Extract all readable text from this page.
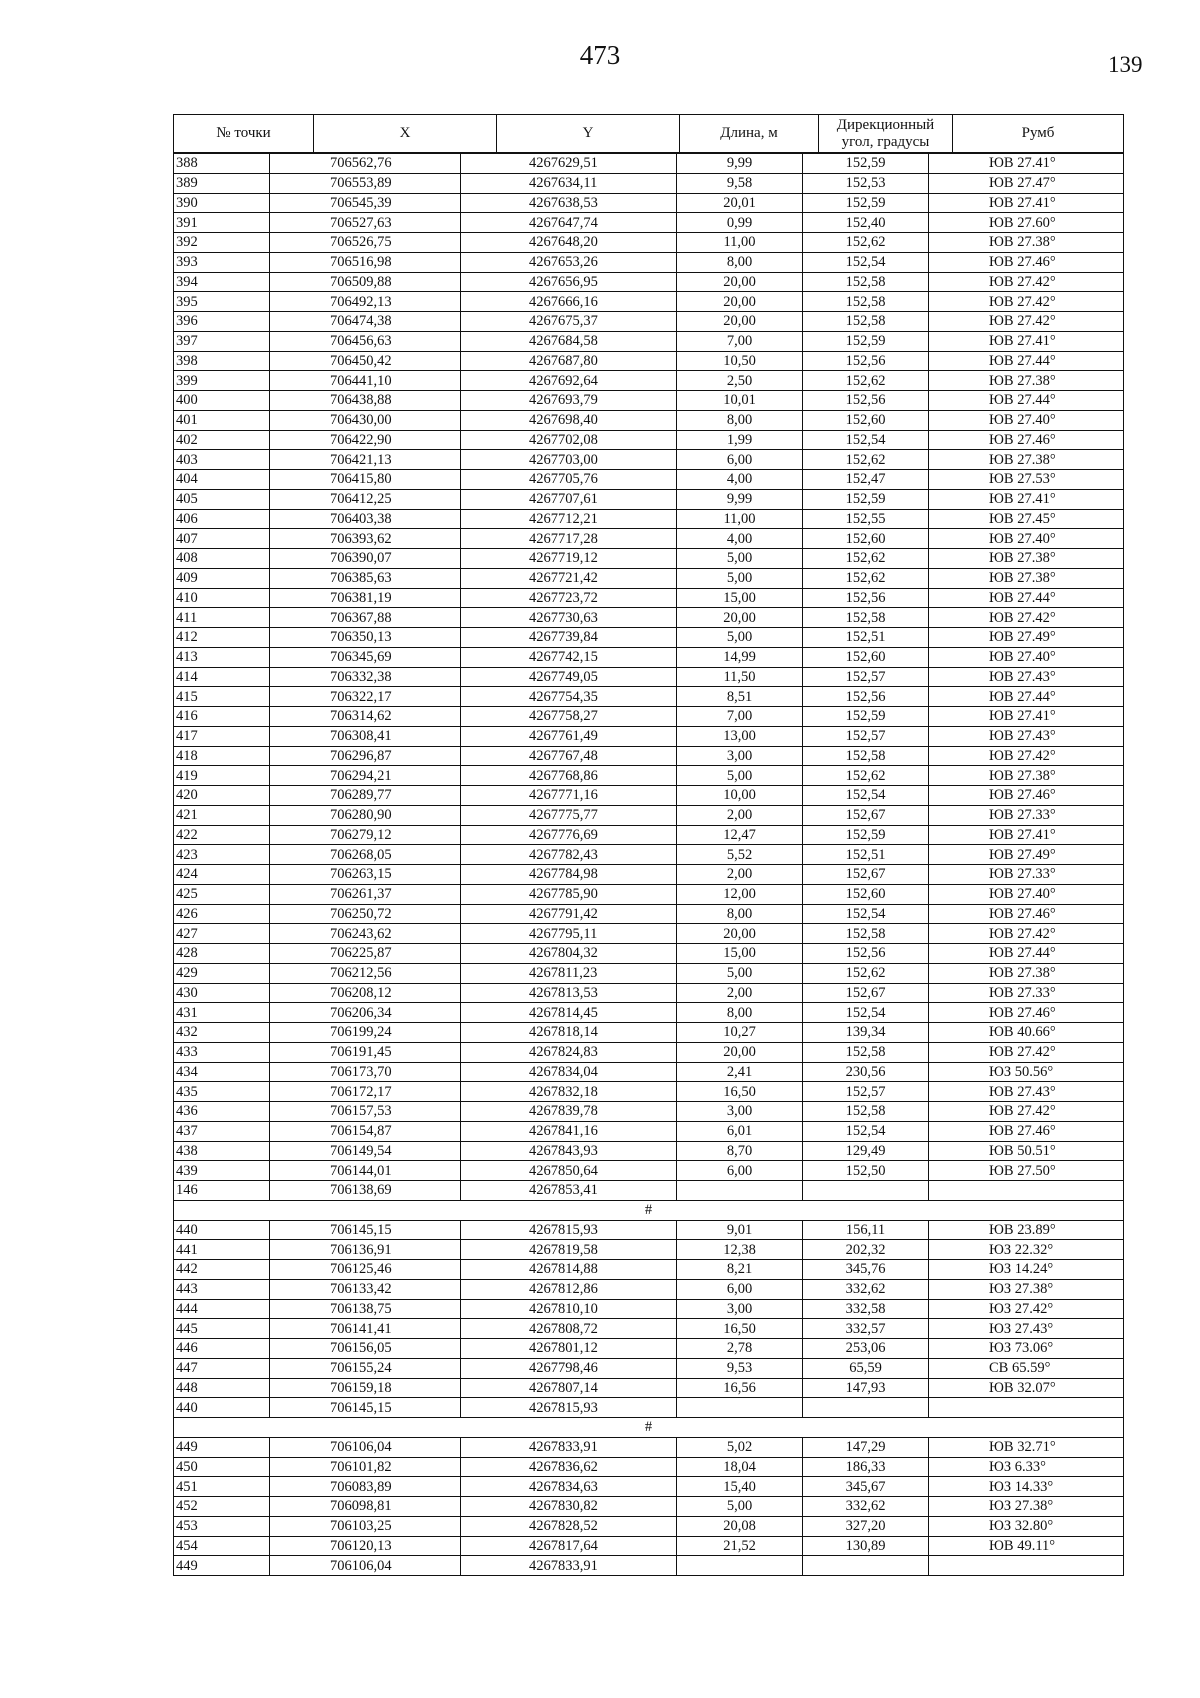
473	139
№ точки	X	Y	Длина, м	Дирекционный угол, градусы	Румб
388	706562,76	4267629,51	9,99	152,59	ЮВ 27.41°
389	706553,89	4267634,11	9,58	152,53	ЮВ 27.47°
390	706545,39	4267638,53	20,01	152,59	ЮВ 27.41°
391	706527,63	4267647,74	0,99	152,40	ЮВ 27.60°
392	706526,75	4267648,20	11,00	152,62	ЮВ 27.38°
393	706516,98	4267653,26	8,00	152,54	ЮВ 27.46°
394	706509,88	4267656,95	20,00	152,58	ЮВ 27.42°
395	706492,13	4267666,16	20,00	152,58	ЮВ 27.42°
396	706474,38	4267675,37	20,00	152,58	ЮВ 27.42°
397	706456,63	4267684,58	7,00	152,59	ЮВ 27.41°
398	706450,42	4267687,80	10,50	152,56	ЮВ 27.44°
399	706441,10	4267692,64	2,50	152,62	ЮВ 27.38°
400	706438,88	4267693,79	10,01	152,56	ЮВ 27.44°
401	706430,00	4267698,40	8,00	152,60	ЮВ 27.40°
402	706422,90	4267702,08	1,99	152,54	ЮВ 27.46°
403	706421,13	4267703,00	6,00	152,62	ЮВ 27.38°
404	706415,80	4267705,76	4,00	152,47	ЮВ 27.53°
405	706412,25	4267707,61	9,99	152,59	ЮВ 27.41°
406	706403,38	4267712,21	11,00	152,55	ЮВ 27.45°
407	706393,62	4267717,28	4,00	152,60	ЮВ 27.40°
408	706390,07	4267719,12	5,00	152,62	ЮВ 27.38°
409	706385,63	4267721,42	5,00	152,62	ЮВ 27.38°
410	706381,19	4267723,72	15,00	152,56	ЮВ 27.44°
411	706367,88	4267730,63	20,00	152,58	ЮВ 27.42°
412	706350,13	4267739,84	5,00	152,51	ЮВ 27.49°
413	706345,69	4267742,15	14,99	152,60	ЮВ 27.40°
414	706332,38	4267749,05	11,50	152,57	ЮВ 27.43°
415	706322,17	4267754,35	8,51	152,56	ЮВ 27.44°
416	706314,62	4267758,27	7,00	152,59	ЮВ 27.41°
417	706308,41	4267761,49	13,00	152,57	ЮВ 27.43°
418	706296,87	4267767,48	3,00	152,58	ЮВ 27.42°
419	706294,21	4267768,86	5,00	152,62	ЮВ 27.38°
420	706289,77	4267771,16	10,00	152,54	ЮВ 27.46°
421	706280,90	4267775,77	2,00	152,67	ЮВ 27.33°
422	706279,12	4267776,69	12,47	152,59	ЮВ 27.41°
423	706268,05	4267782,43	5,52	152,51	ЮВ 27.49°
424	706263,15	4267784,98	2,00	152,67	ЮВ 27.33°
425	706261,37	4267785,90	12,00	152,60	ЮВ 27.40°
426	706250,72	4267791,42	8,00	152,54	ЮВ 27.46°
427	706243,62	4267795,11	20,00	152,58	ЮВ 27.42°
428	706225,87	4267804,32	15,00	152,56	ЮВ 27.44°
429	706212,56	4267811,23	5,00	152,62	ЮВ 27.38°
430	706208,12	4267813,53	2,00	152,67	ЮВ 27.33°
431	706206,34	4267814,45	8,00	152,54	ЮВ 27.46°
432	706199,24	4267818,14	10,27	139,34	ЮВ 40.66°
433	706191,45	4267824,83	20,00	152,58	ЮВ 27.42°
434	706173,70	4267834,04	2,41	230,56	ЮЗ 50.56°
435	706172,17	4267832,18	16,50	152,57	ЮВ 27.43°
436	706157,53	4267839,78	3,00	152,58	ЮВ 27.42°
437	706154,87	4267841,16	6,01	152,54	ЮВ 27.46°
438	706149,54	4267843,93	8,70	129,49	ЮВ 50.51°
439	706144,01	4267850,64	6,00	152,50	ЮВ 27.50°
146	706138,69	4267853,41			
#					
440	706145,15	4267815,93	9,01	156,11	ЮВ 23.89°
441	706136,91	4267819,58	12,38	202,32	ЮЗ 22.32°
442	706125,46	4267814,88	8,21	345,76	ЮЗ 14.24°
443	706133,42	4267812,86	6,00	332,62	ЮЗ 27.38°
444	706138,75	4267810,10	3,00	332,58	ЮЗ 27.42°
445	706141,41	4267808,72	16,50	332,57	ЮЗ 27.43°
446	706156,05	4267801,12	2,78	253,06	ЮЗ 73.06°
447	706155,24	4267798,46	9,53	65,59	СВ 65.59°
448	706159,18	4267807,14	16,56	147,93	ЮВ 32.07°
440	706145,15	4267815,93			
#					
449	706106,04	4267833,91	5,02	147,29	ЮВ 32.71°
450	706101,82	4267836,62	18,04	186,33	ЮЗ 6.33°
451	706083,89	4267834,63	15,40	345,67	ЮЗ 14.33°
452	706098,81	4267830,82	5,00	332,62	ЮЗ 27.38°
453	706103,25	4267828,52	20,08	327,20	ЮЗ 32.80°
454	706120,13	4267817,64	21,52	130,89	ЮВ 49.11°
449	706106,04	4267833,91			
